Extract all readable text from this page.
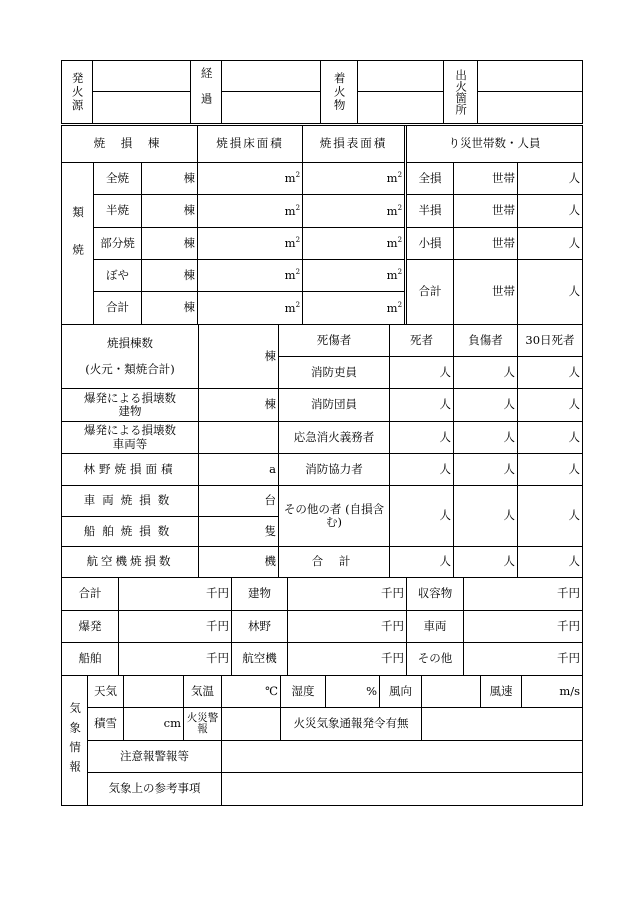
発火源		経過		着火物		出火箇所	

焼 損 棟			焼損床面積	焼損表面積	り災世帯数・人員		

類焼	全焼	棟	$m^2$	$m^2$	全損	世帯	人
	半焼	棟	$m^2$	$m^2$	半損	世帯	人
	部分焼	棟	$m^2$	$m^2$	小損	世帯	人
	ぼや	棟	$m^2$	$m^2$	合計	世帯	人
	合計	棟	$m^2$	$m^2$
焼損棟数
(火元・類焼合計)	棟	死傷者	死者	負傷者	30日死者
		消防吏員	人	人	人

爆発による損壊数
建物	棟	消防団員	人	人	人

爆発による損壊数
車両等		応急消火義務者	人	人	人
林野焼損面積	a	消防協力者	人	人	人
車両焼損数	台	その他の者 (自損含む)	人	人	人
船舶焼損数	隻				
航空機焼損数	機	合 計	人	人	人
合計	千円	建物	千円	収容物	千円
爆発	千円	林野	千円	車両	千円
船舶	千円	航空機	千円	その他	千円
気象情報	天気		気温	℃	湿度	%	風向		風速	m/s
	積雪	cm	火災警報		火災気象通報発令有無					
	注意報警報等									
	気象上の参考事項									
